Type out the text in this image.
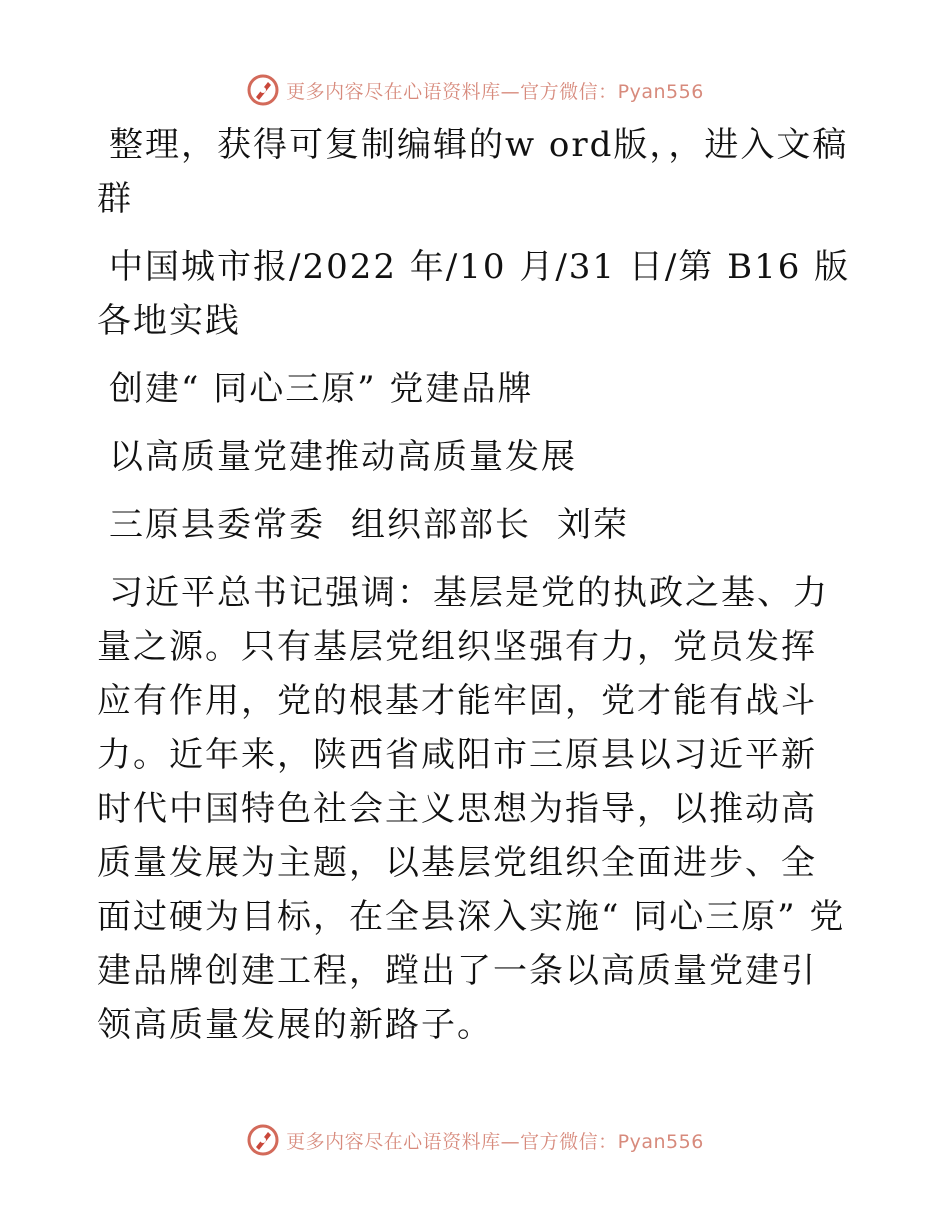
更多内容尽在心语资料库—官方微信：Pyan556

整理，获得可复制编辑的w ord版，，进入文稿群

中国城市报/2022 年/10 月/31 日/第 B16 版各地实践

创建“ 同心三原” 党建品牌

以高质量党建推动高质量发展

三原县委常委 组织部部长 刘荣

习近平总书记强调：基层是党的执政之基、力量之源。只有基层党组织坚强有力，党员发挥应有作用，党的根基才能牢固，党才能有战斗力。近年来，陕西省咸阳市三原县以习近平新时代中国特色社会主义思想为指导，以推动高质量发展为主题，以基层党组织全面进步、全面过硬为目标，在全县深入实施“ 同心三原” 党建品牌创建工程，蹚出了一条以高质量党建引领高质量发展的新路子。

更多内容尽在心语资料库—官方微信：Pyan556
